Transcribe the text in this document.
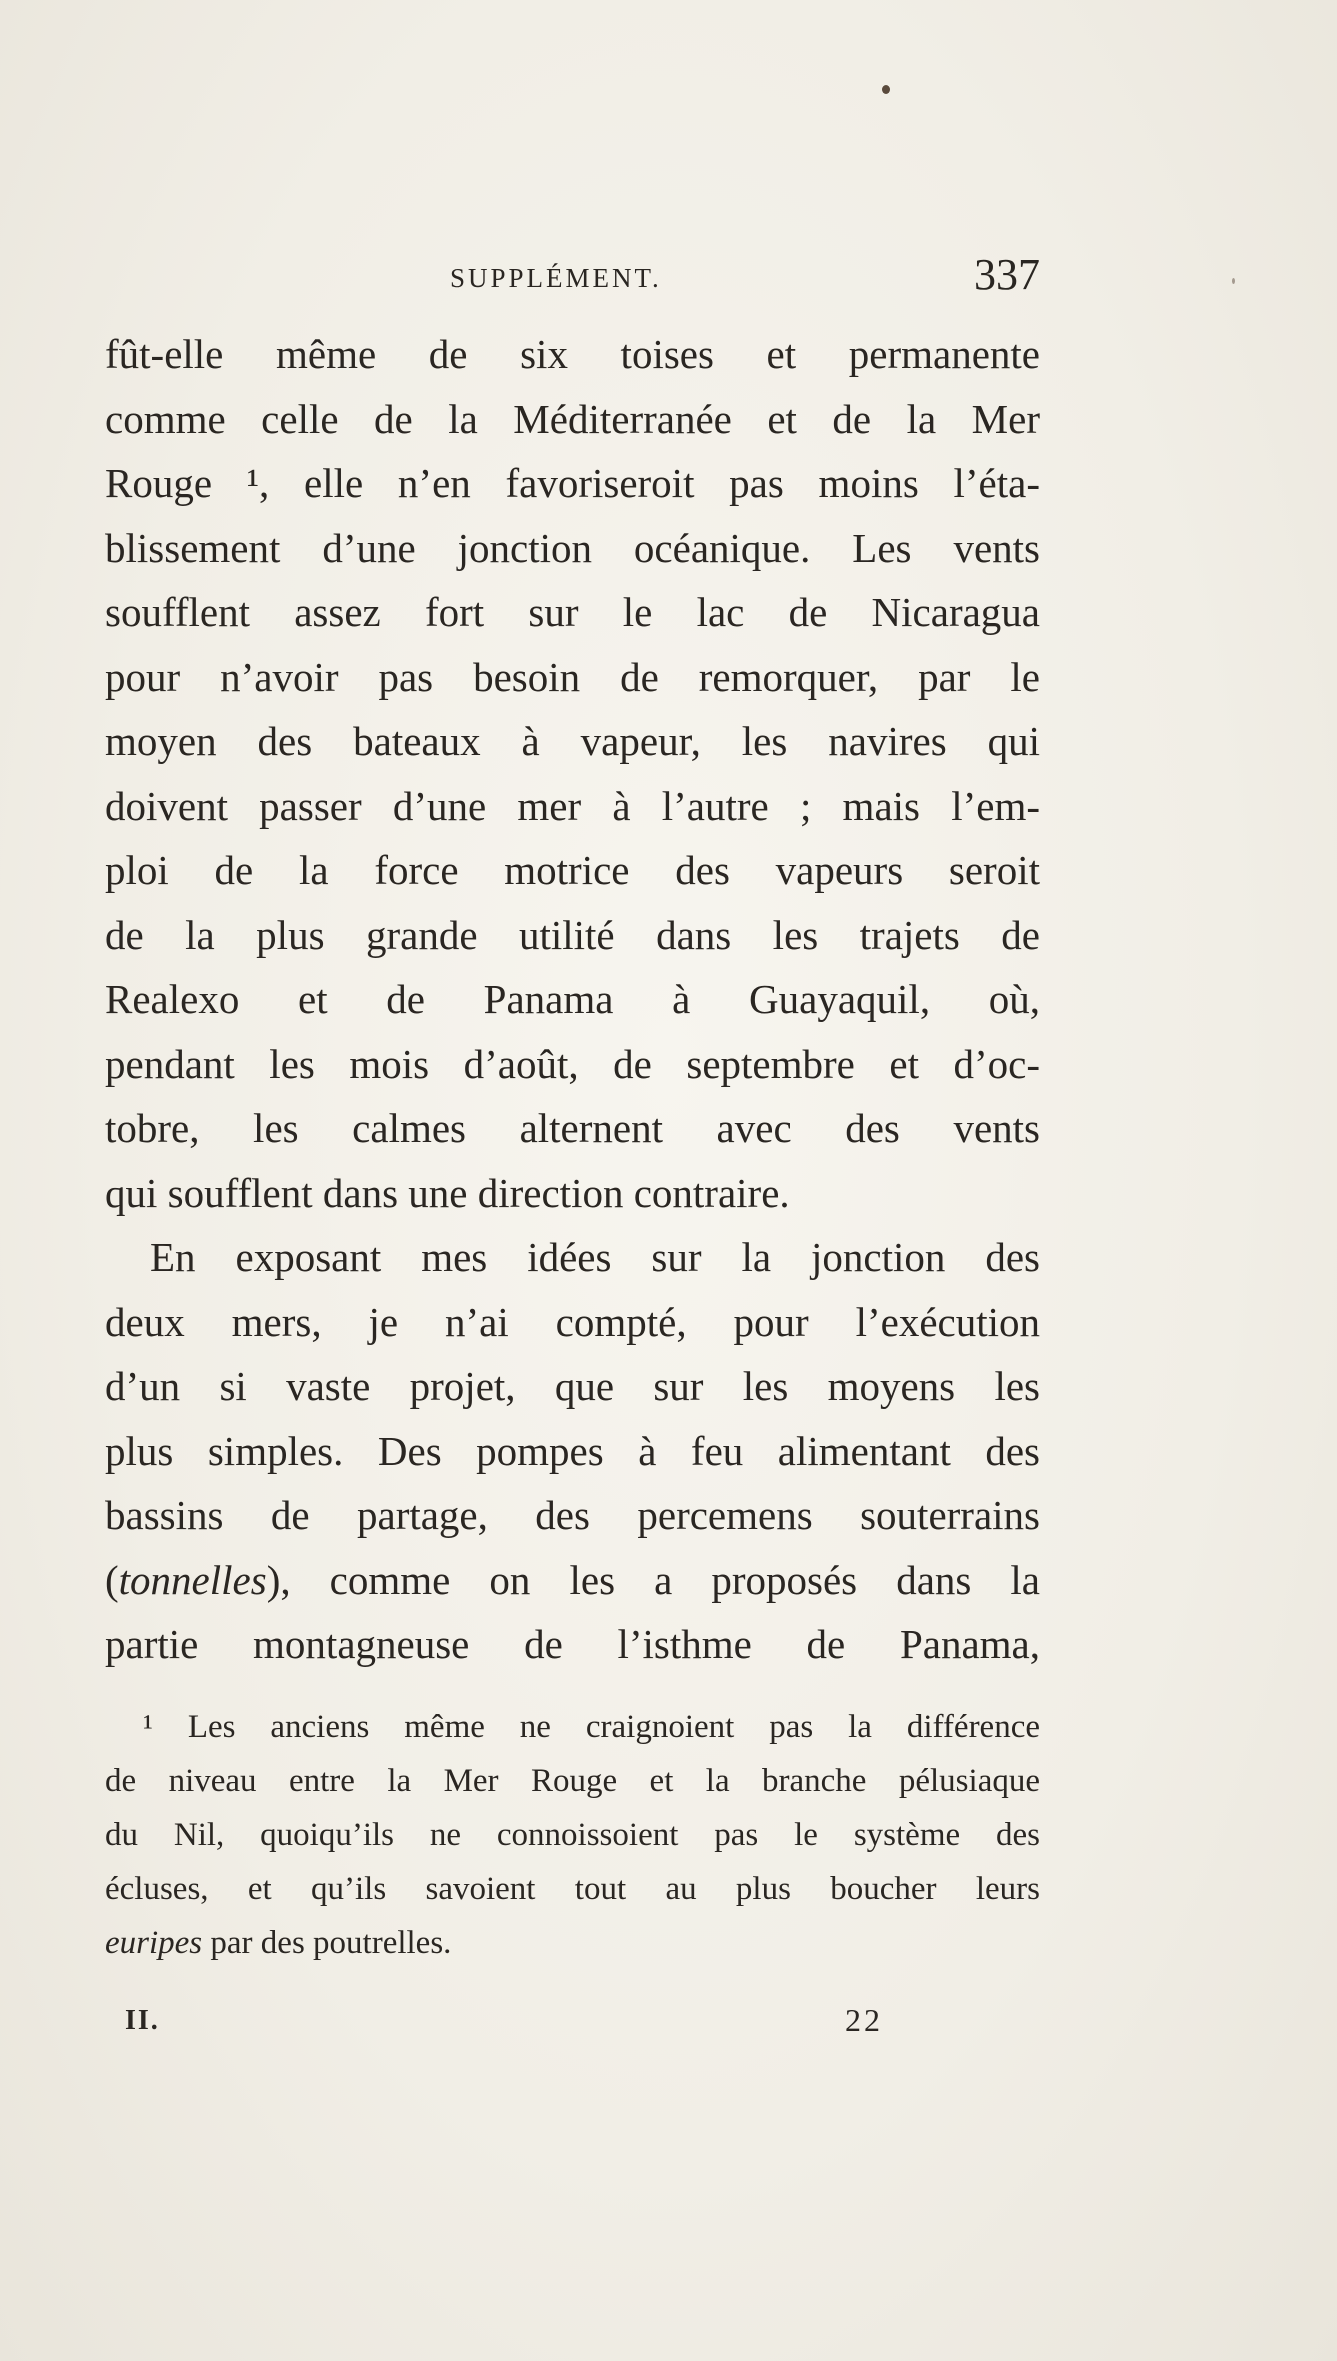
SUPPLÉMENT.	337
fût-elle même de six toises et permanente
comme celle de la Méditerranée et de la Mer
Rouge ¹, elle n’en favoriseroit pas moins l’éta-
blissement d’une jonction océanique. Les vents
soufflent assez fort sur le lac de Nicaragua
pour n’avoir pas besoin de remorquer, par le
moyen des bateaux à vapeur, les navires qui
doivent passer d’une mer à l’autre ; mais l’em-
ploi de la force motrice des vapeurs seroit
de la plus grande utilité dans les trajets de
Realexo et de Panama à Guayaquil, où,
pendant les mois d’août, de septembre et d’oc-
tobre, les calmes alternent avec des vents
qui soufflent dans une direction contraire.
En exposant mes idées sur la jonction des
deux mers, je n’ai compté, pour l’exécution
d’un si vaste projet, que sur les moyens les
plus simples. Des pompes à feu alimentant des
bassins de partage, des percemens souterrains
(tonnelles), comme on les a proposés dans la
partie montagneuse de l’isthme de Panama,
¹ Les anciens même ne craignoient pas la différence
de niveau entre la Mer Rouge et la branche pélusiaque
du Nil, quoiqu’ils ne connoissoient pas le système des
écluses, et qu’ils savoient tout au plus boucher leurs
euripes par des poutrelles.
II.	22
